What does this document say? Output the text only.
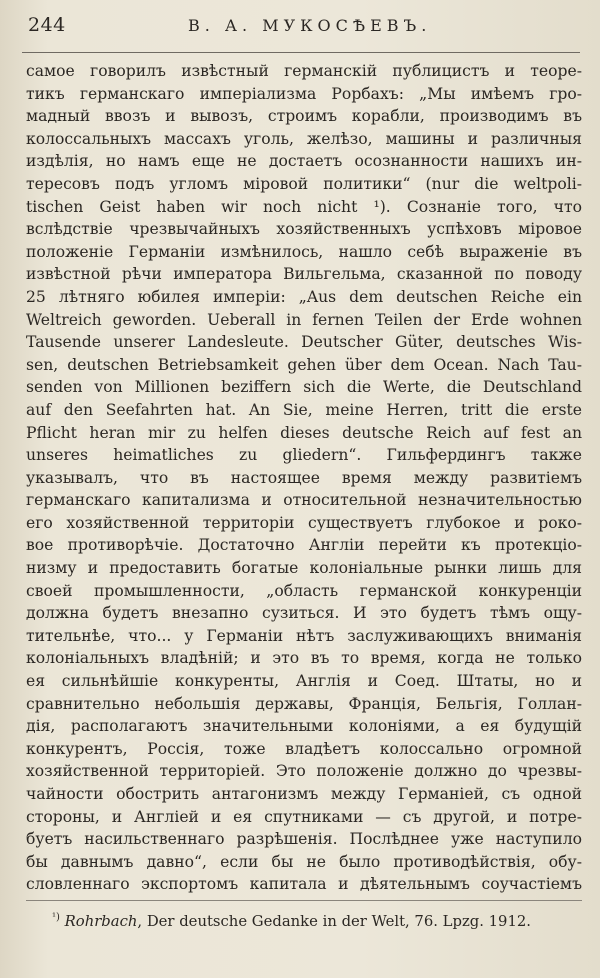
244	В. А. МУКОСѢЕВЪ.
самое говорилъ извѣстный германскій публицистъ и теоре-
тикъ германскаго имперіализма Рорбахъ: „Мы имѣемъ гро-
мадный ввозъ и вывозъ, строимъ корабли, производимъ въ
колоссальныхъ массахъ уголь, желѣзо, машины и различныя
издѣлія, но намъ еще не достаетъ осознанности нашихъ ин-
тересовъ подъ угломъ міровой политики“ (nur die weltpoli-
tischen Geist haben wir noch nicht ¹). Сознаніе того, что
вслѣдствіе чрезвычайныхъ хозяйственныхъ успѣховъ міровое
положеніе Германіи измѣнилось, нашло себѣ выраженіе въ
извѣстной рѣчи императора Вильгельма, сказанной по поводу
25 лѣтняго юбилея имперіи: „Aus dem deutschen Reiche ein
Weltreich geworden. Ueberall in fernen Teilen der Erde wohnen
Tausende unserer Landesleute. Deutscher Güter, deutsches Wis-
sen, deutschen Betriebsamkeit gehen über dem Ocean. Nach Tau-
senden von Millionen beziffern sich die Werte, die Deutschland
auf den Seefahrten hat. An Sie, meine Herren, tritt die erste
Pflicht heran mir zu helfen dieses deutsche Reich auf fest an
unseres heimatliches zu gliedern“. Гильфердингъ также
указывалъ, что въ настоящее время между развитіемъ
германскаго капитализма и относительной незначительностью
его хозяйственной территоріи существуетъ глубокое и роко-
вое противорѣчіе. Достаточно Англіи перейти къ протекціо-
низму и предоставить богатые колоніальные рынки лишь для
своей промышленности, „область германской конкуренціи
должна будетъ внезапно сузиться. И это будетъ тѣмъ ощу-
тительнѣе, что... у Германіи нѣтъ заслуживающихъ вниманія
колоніальныхъ владѣній; и это въ то время, когда не только
ея сильнѣйшіе конкуренты, Англія и Соед. Штаты, но и
сравнительно небольшія державы, Франція, Бельгія, Голлан-
дія, располагаютъ значительными колоніями, а ея будущій
конкурентъ, Россія, тоже владѣетъ колоссально огромной
хозяйственной территоріей. Это положеніе должно до чрезвы-
чайности обострить антагонизмъ между Германіей, съ одной
стороны, и Англіей и ея спутниками — съ другой, и потре-
буетъ насильственнаго разрѣшенія. Послѣднее уже наступило
бы давнымъ давно“, если бы не было противодѣйствія, обу-
словленнаго экспортомъ капитала и дѣятельнымъ соучастіемъ
$^{^1)}$ Rohrbach, Der deutsche Gedanke in der Welt, 76. Lpzg. 1912.
